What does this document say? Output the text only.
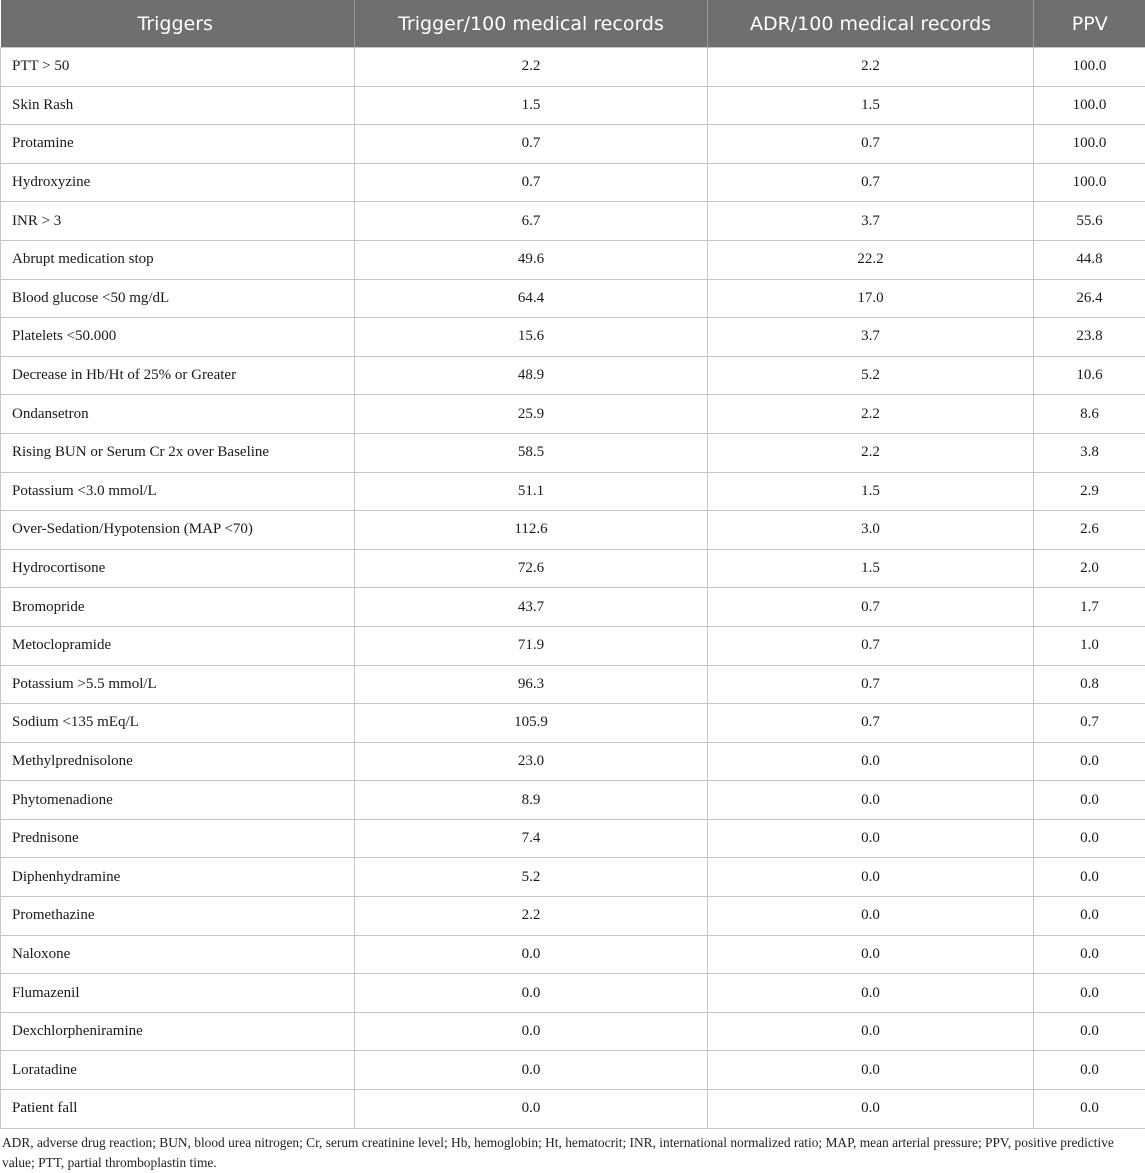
Triggers	Trigger/100 medical records	ADR/100 medical records	PPV
PTT > 50	2.2	2.2	100.0
Skin Rash	1.5	1.5	100.0
Protamine	0.7	0.7	100.0
Hydroxyzine	0.7	0.7	100.0
INR > 3	6.7	3.7	55.6
Abrupt medication stop	49.6	22.2	44.8
Blood glucose <50 mg/dL	64.4	17.0	26.4
Platelets <50.000	15.6	3.7	23.8
Decrease in Hb/Ht of 25% or Greater	48.9	5.2	10.6
Ondansetron	25.9	2.2	8.6
Rising BUN or Serum Cr 2x over Baseline	58.5	2.2	3.8
Potassium <3.0 mmol/L	51.1	1.5	2.9
Over-Sedation/Hypotension (MAP <70)	112.6	3.0	2.6
Hydrocortisone	72.6	1.5	2.0
Bromopride	43.7	0.7	1.7
Metoclopramide	71.9	0.7	1.0
Potassium >5.5 mmol/L	96.3	0.7	0.8
Sodium <135 mEq/L	105.9	0.7	0.7
Methylprednisolone	23.0	0.0	0.0
Phytomenadione	8.9	0.0	0.0
Prednisone	7.4	0.0	0.0
Diphenhydramine	5.2	0.0	0.0
Promethazine	2.2	0.0	0.0
Naloxone	0.0	0.0	0.0
Flumazenil	0.0	0.0	0.0
Dexchlorpheniramine	0.0	0.0	0.0
Loratadine	0.0	0.0	0.0
Patient fall	0.0	0.0	0.0
ADR, adverse drug reaction; BUN, blood urea nitrogen; Cr, serum creatinine level; Hb, hemoglobin; Ht, hematocrit; INR, international normalized ratio; MAP, mean arterial pressure; PPV, positive predictive value; PTT, partial thromboplastin time.
